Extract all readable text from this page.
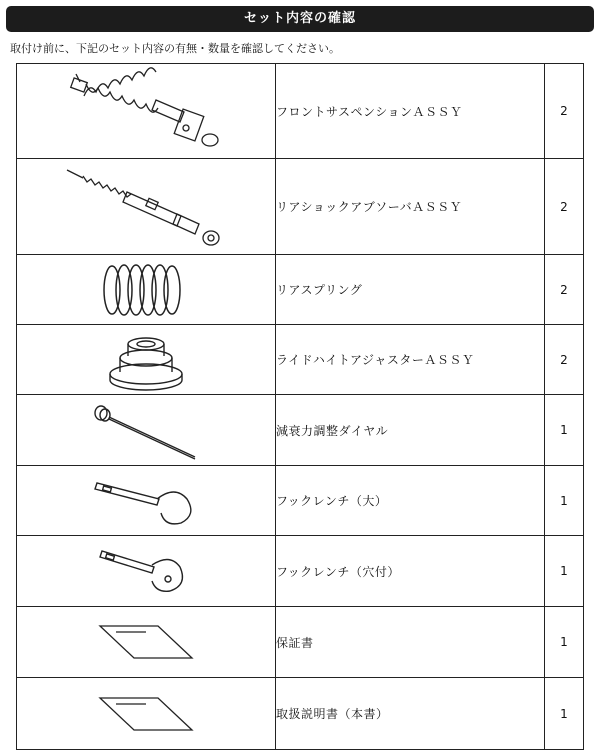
セット内容の確認
取付け前に、下記のセット内容の有無・数量を確認してください。
	フロントサスペンションＡＳＳＹ	2

	リアショックアブソーバＡＳＳＹ	2

	リアスプリング	2

	ライドハイトアジャスターＡＳＳＹ	2

	減衰力調整ダイヤル	1

	フックレンチ（大）	1

	フックレンチ（穴付）	1

	保証書	1

	取扱説明書（本書）	1
